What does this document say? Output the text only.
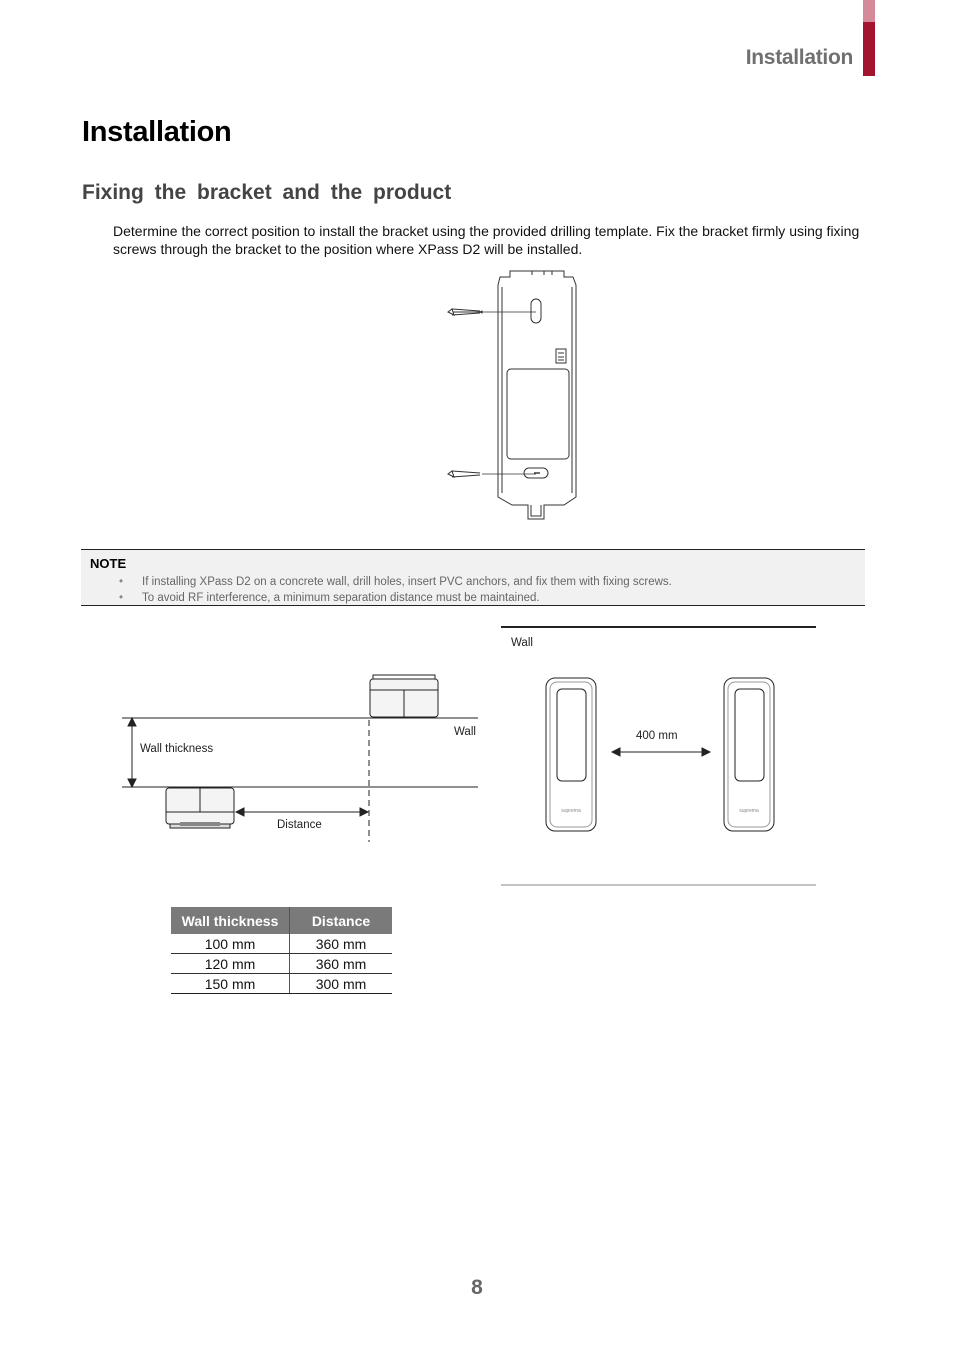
Installation
Installation
Fixing the bracket and the product
Determine the correct position to install the bracket using the provided drilling template. Fix the bracket firmly using fixing screws through the bracket to the position where XPass D2 will be installed.
NOTE
• If installing XPass D2 on a concrete wall, drill holes, insert PVC anchors, and fix them with fixing screws.
• To avoid RF interference, a minimum separation distance must be maintained.
Wall thickness
Wall
Distance
suprema	suprema
Wall
400 mm
Wall thickness	Distance
100 mm	360 mm
120 mm	360 mm
150 mm	300 mm
8
